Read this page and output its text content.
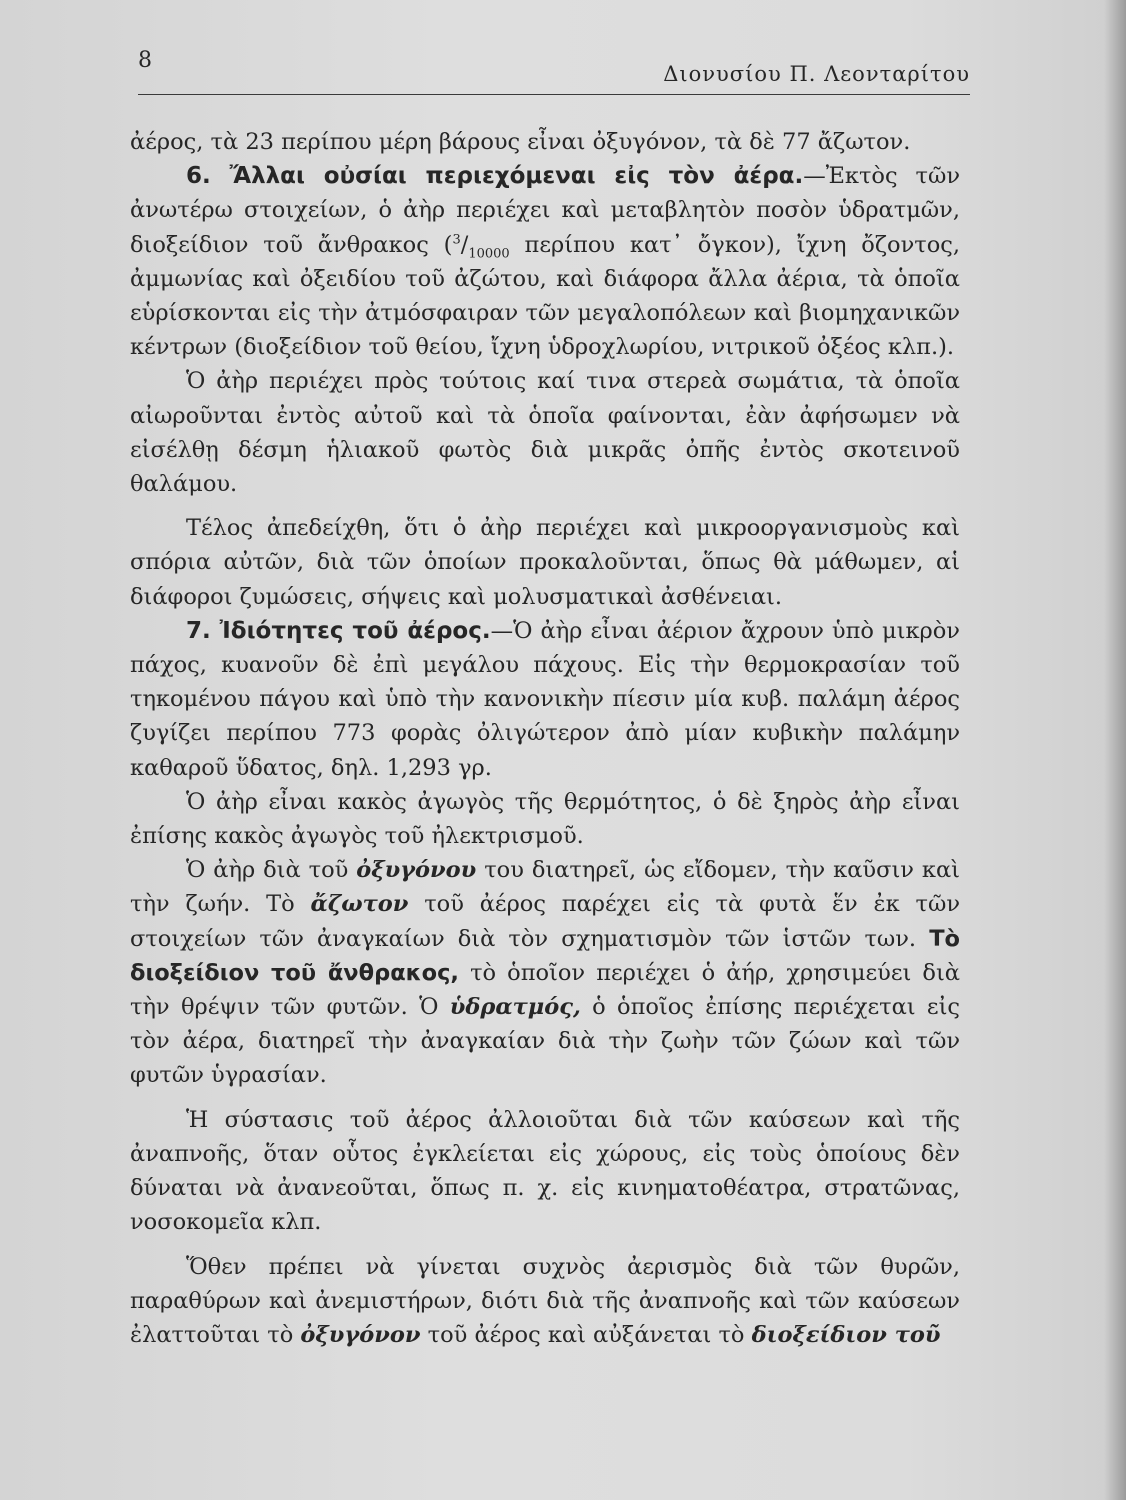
8
Διονυσίου Π. Λεονταρίτου

ἀέρος, τὰ 23 περίπου μέρη βάρους εἶναι ὀξυγόνον, τὰ δὲ 77 ἄζωτον.

6. Ἄλλαι οὐσίαι περιεχόμεναι εἰς τὸν ἀέρα.—Ἐκτὸς τῶν ἀνωτέρω στοιχείων, ὁ ἀὴρ περιέχει καὶ μεταβλητὸν ποσὸν ὑδρατμῶν, διοξείδιον τοῦ ἄνθρακος ($^3/_{10000}$ περίπου κατ᾽ ὄγκον), ἴχνη ὄζοντος, ἀμμωνίας καὶ ὀξειδίου τοῦ ἀζώτου, καὶ διάφορα ἄλλα ἀέρια, τὰ ὁποῖα εὑρίσκονται εἰς τὴν ἀτμόσφαιραν τῶν μεγαλοπόλεων καὶ βιομηχανικῶν κέντρων (διοξείδιον τοῦ θείου, ἴχνη ὑδροχλωρίου, νιτρικοῦ ὀξέος κλπ.).

Ὁ ἀὴρ περιέχει πρὸς τούτοις καί τινα στερεὰ σωμάτια, τὰ ὁποῖα αἰωροῦνται ἐντὸς αὐτοῦ καὶ τὰ ὁποῖα φαίνονται, ἐὰν ἀφήσωμεν νὰ εἰσέλθῃ δέσμη ἡλιακοῦ φωτὸς διὰ μικρᾶς ὀπῆς ἐντὸς σκοτεινοῦ θαλάμου.

Τέλος ἀπεδείχθη, ὅτι ὁ ἀὴρ περιέχει καὶ μικροοργανισμοὺς καὶ σπόρια αὐτῶν, διὰ τῶν ὁποίων προκαλοῦνται, ὅπως θὰ μάθωμεν, αἱ διάφοροι ζυμώσεις, σήψεις καὶ μολυσματικαὶ ἀσθένειαι.

7. Ἰδιότητες τοῦ ἀέρος.—Ὁ ἀὴρ εἶναι ἀέριον ἄχρουν ὑπὸ μικρὸν πάχος, κυανοῦν δὲ ἐπὶ μεγάλου πάχους. Εἰς τὴν θερμοκρασίαν τοῦ τηκομένου πάγου καὶ ὑπὸ τὴν κανονικὴν πίεσιν μία κυβ. παλάμη ἀέρος ζυγίζει περίπου 773 φορὰς ὀλιγώτερον ἀπὸ μίαν κυβικὴν παλάμην καθαροῦ ὕδατος, δηλ. 1,293 γρ.

Ὁ ἀὴρ εἶναι κακὸς ἀγωγὸς τῆς θερμότητος, ὁ δὲ ξηρὸς ἀὴρ εἶναι ἐπίσης κακὸς ἀγωγὸς τοῦ ἠλεκτρισμοῦ.

Ὁ ἀὴρ διὰ τοῦ ὀξυγόνου του διατηρεῖ, ὡς εἴδομεν, τὴν καῦσιν καὶ τὴν ζωήν. Τὸ ἄζωτον τοῦ ἀέρος παρέχει εἰς τὰ φυτὰ ἕν ἐκ τῶν στοιχείων τῶν ἀναγκαίων διὰ τὸν σχηματισμὸν τῶν ἱστῶν των. Τὸ διοξείδιον τοῦ ἄνθρακος, τὸ ὁποῖον περιέχει ὁ ἀήρ, χρησιμεύει διὰ τὴν θρέψιν τῶν φυτῶν. Ὁ ὑδρατμός, ὁ ὁποῖος ἐπίσης περιέχεται εἰς τὸν ἀέρα, διατηρεῖ τὴν ἀναγκαίαν διὰ τὴν ζωὴν τῶν ζώων καὶ τῶν φυτῶν ὑγρασίαν.

Ἡ σύστασις τοῦ ἀέρος ἀλλοιοῦται διὰ τῶν καύσεων καὶ τῆς ἀναπνοῆς, ὅταν οὗτος ἐγκλείεται εἰς χώρους, εἰς τοὺς ὁποίους δὲν δύναται νὰ ἀνανεοῦται, ὅπως π. χ. εἰς κινηματοθέατρα, στρατῶνας, νοσοκομεῖα κλπ.

Ὅθεν πρέπει νὰ γίνεται συχνὸς ἀερισμὸς διὰ τῶν θυρῶν, παραθύρων καὶ ἀνεμιστήρων, διότι διὰ τῆς ἀναπνοῆς καὶ τῶν καύσεων ἐλαττοῦται τὸ ὀξυγόνον τοῦ ἀέρος καὶ αὐξάνεται τὸ διοξείδιον τοῦ
